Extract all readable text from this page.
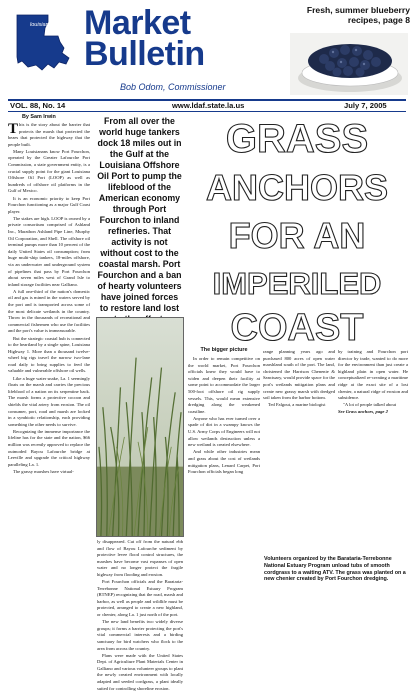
louisiana Market
Bulletin
Bob Odom, Commissioner
Fresh, summer blueberry recipes, page 8
VOL. 88, No. 14	www.ldaf.state.la.us	July 7, 2005
By Sam Irwin

This is the story about the barrier that protects the marsh that protected the beaes that protected the highway that the people built.

Many Louisianans know Port Fourchon, operated by the Greater Lafourche Port Commission, a state government entity, is a crucial supply point for the giant Louisiana Offshore Oil Port (LOOP) as well as hundreds of offshore oil platforms in the Gulf of Mexico.

It is an economic priority to keep Port Fourchon functioning as a major Gulf Coast player.

The stakes are high. LOOP is owned by a private consortium comprised of Ashland Inc., Marathon Ashland Pipe Line, Murphy Oil Corporation, and Shell. The offshore oil terminal pumps more than 10 percent of the daily United States oil consumption; from huge multi-ship tankers, 18-miles offshore, via an underwater and underground system of pipelines that pass by Port Fourchon about seven miles west of Grand Isle to inland storage facilities near Galliano.

A full one-third of the nation's domestic oil and gas is mined in the waters served by the port and is transported across some of the most delicate wetlands in the country. Throw in the thousands of recreational and commercial fishermen who use the facilities and the port's value is immeasurable.

But the strategic coastal hub is connected to the heartland by a single spine, Louisiana Highway 1. More than a thousand twelve-wheel big rigs travel the narrow two-lane road daily to bring supplies to feed the valuable and vulnerable offshore oil wells.

Like a huge water snake, La. 1 seemingly floats on the marsh and carries the precious lifeblood of a nation on its serpentine back. The marsh forms a protective cocoon and shields the vital artery from erosion. The oil consumer, port, road and marsh are locked in a symbiotic relationship, each providing something the other needs to survive.

Recognizing the immense importance the lifeline has for the state and the nation, $66 million was recently approved to replace the outmoded Bayou Lafourche bridge at Leeville and upgrade the critical highway paralleling La. 1.

The grassy marshes have virtual-

From all over the world huge tankers dock 18 miles out in the Gulf at the Louisiana Offshore Oil Port to pump the lifeblood of the American economy through Port Fourchon to inland refineries. That activity is not without cost to the coastal marsh. Port Fourchon and a ban of hearty volunteers have joined forces to restore land lost
GRASS
ANCHORS
FOR AN
IMPERILED
COAST

ly disappeared. Cut off from the natural ebb and flow of Bayou Lafourche sediment by protective levee flood control structures, the marshes have become vast expanses of open water and no longer protect the fragile highway from flooding and erosion.

Port Fourchon officials and the Barataria-Terrebonne National Estuary Program (BTNEP) recognizing that the road, marsh and harbor, as well as people and wildlife must be protected, arranged to create a new highland, or chenier, along La. 1 just north of the port.

The new land benefits two widely diverse groups; it forms a barrier protecting the port's vital commercial interests and a birding sanctuary for bird watchers who flock to the area from across the country.

Plans were made with the United States Dept. of Agriculture Plant Materials Center in Galliano and various volunteer groups to plant the newly created environment with locally adapted and seeded cordgrass, a plant ideally suited for controlling shoreline erosion.

The bigger picture

In order to remain competitive on the world market, Port Fourchon officials knew they would have to widen and deepen their facility at some point to accommodate the larger 500-foot offshore oil rig supply vessels. This, would mean extensive dredging along the weakened coastline.

Anyone who has ever turned over a spade of dirt in a swampy knows the U.S. Army Corps of Engineers will not allow wetlands destruction unless a new wetland is created elsewhere.

And while other industries mean and grass about the cost of wetlands mitigation plans, Lenard Carpet, Port Fourchon officials began long

range planning years ago and purchased 800 acres of open water marshland south of the port. The land, christened the Harrison Chenenie & Sanctuary, would provide space for the port's wetlands mitigation plans and create new grassy marsh with dredged soil taken from the harbor bottom.

Ted Falgout, a marine biologist

by training and Fourchon port director by trade, wanted to do more for the environment than just create a highland plain in open water. He conceptualized re-creating a maritime ridge at the exact site of a lost chenier, a natural ridge of erosion and subsidence.

"A lot of people talked about

See Grass anchors, page 2

Volunteers organized by the Barataria-Terrebonne National Estuary Program unload tubs of smooth cordgrass to a waiting ATV. The grass was planted on a new chenier created by Port Fourchon dredging.
